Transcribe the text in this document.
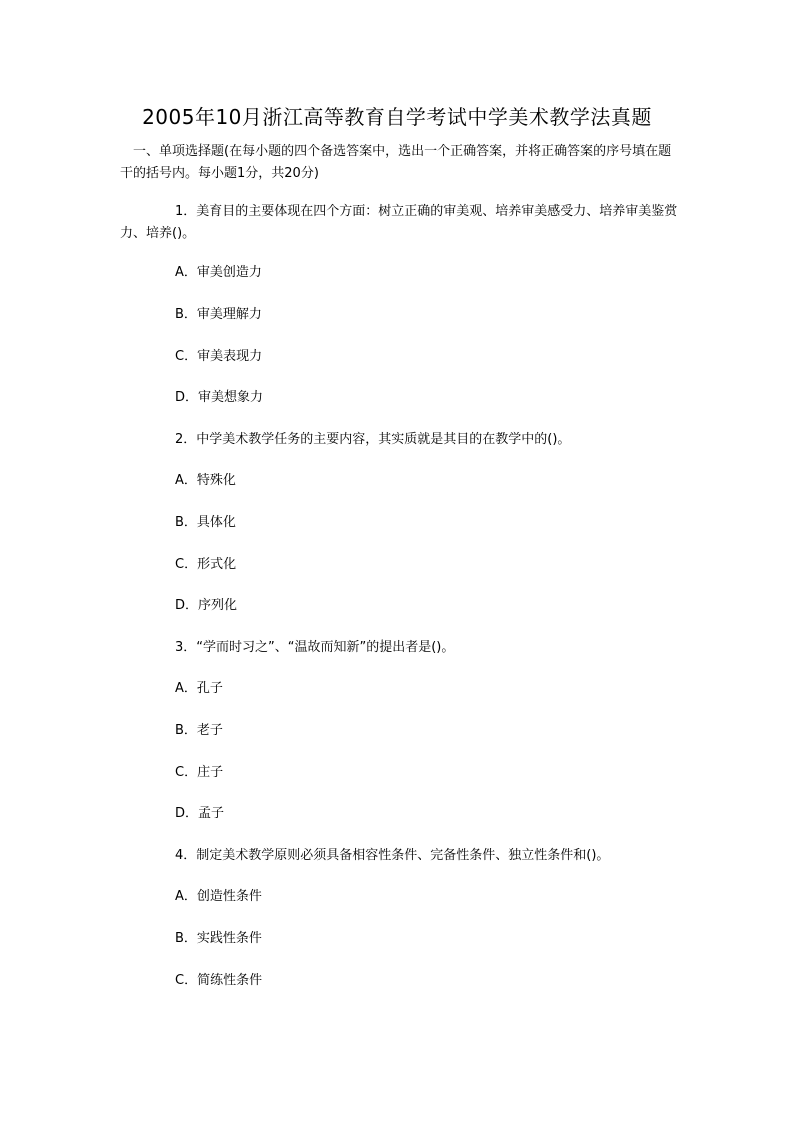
2005年10月浙江高等教育自学考试中学美术教学法真题
一、单项选择题(在每小题的四个备选答案中，选出一个正确答案，并将正确答案的序号填在题干的括号内。每小题1分，共20分)
1．美育目的主要体现在四个方面：树立正确的审美观、培养审美感受力、培养审美鉴赏力、培养()。
A．审美创造力
B．审美理解力
C．审美表现力
D．审美想象力
2．中学美术教学任务的主要内容，其实质就是其目的在教学中的()。
A．特殊化
B．具体化
C．形式化
D．序列化
3．“学而时习之”、“温故而知新”的提出者是()。
A．孔子
B．老子
C．庄子
D．孟子
4．制定美术教学原则必须具备相容性条件、完备性条件、独立性条件和()。
A．创造性条件
B．实践性条件
C．简练性条件
